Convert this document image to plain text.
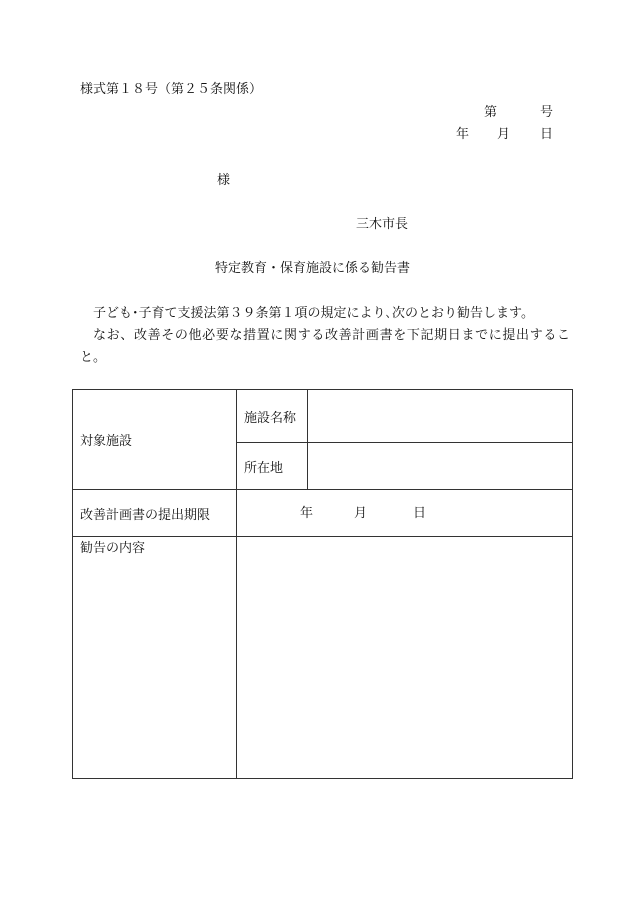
様式第１８号（第２５条関係）
第	号
年 月 日
様
三木市長
特定教育・保育施設に係る勧告書

子ども･子育て支援法第３９条第１項の規定により､次のとおり勧告します。

なお、改善その他必要な措置に関する改善計画書を下記期日までに提出すること。

対象施設	施設名称	
	所在地	
改善計画書の提出期限	年 月 日	

勧告の内容		
